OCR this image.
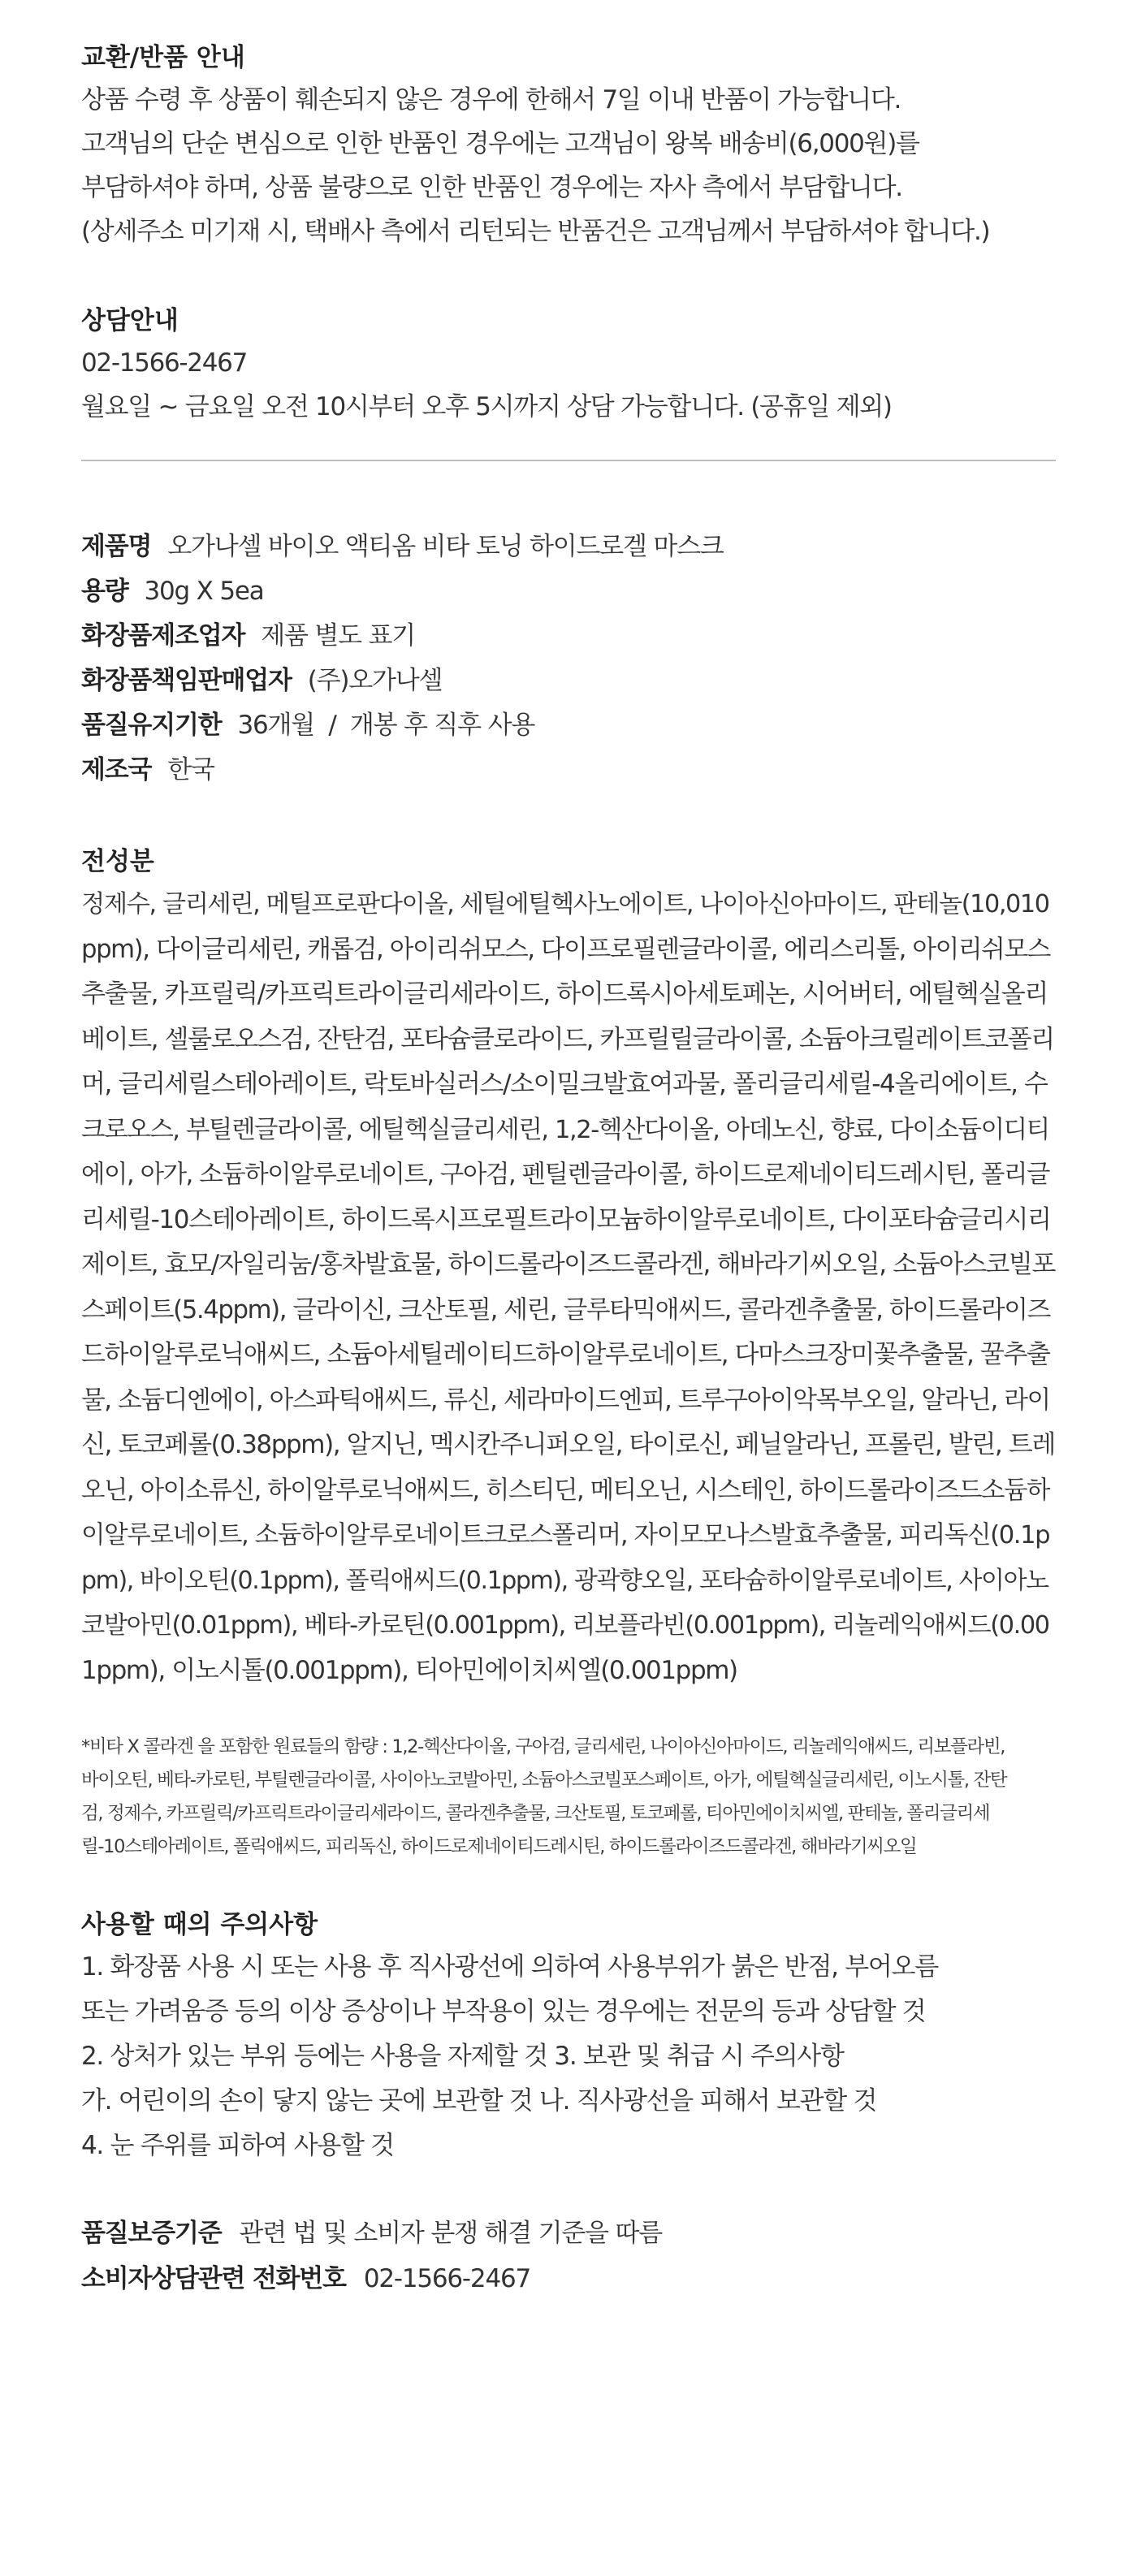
교환/반품 안내
상품 수령 후 상품이 훼손되지 않은 경우에 한해서 7일 이내 반품이 가능합니다.
고객님의 단순 변심으로 인한 반품인 경우에는 고객님이 왕복 배송비(6,000원)를
부담하셔야 하며, 상품 불량으로 인한 반품인 경우에는 자사 측에서 부담합니다.
(상세주소 미기재 시, 택배사 측에서 리턴되는 반품건은 고객님께서 부담하셔야 합니다.)
상담안내
02-1566-2467
월요일 ~ 금요일 오전 10시부터 오후 5시까지 상담 가능합니다. (공휴일 제외)
제품명 오가나셀 바이오 액티옴 비타 토닝 하이드로겔 마스크
용량 30g X 5ea
화장품제조업자 제품 별도 표기
화장품책임판매업자 (주)오가나셀
품질유지기한 36개월  /  개봉 후 직후 사용
제조국 한국
전성분
정제수, 글리세린, 메틸프로판다이올, 세틸에틸헥사노에이트, 나이아신아마이드, 판테놀(10,010
ppm), 다이글리세린, 캐롭검, 아이리쉬모스, 다이프로필렌글라이콜, 에리스리톨, 아이리쉬모스
추출물, 카프릴릭/카프릭트라이글리세라이드, 하이드록시아세토페논, 시어버터, 에틸헥실올리
베이트, 셀룰로오스검, 잔탄검, 포타슘클로라이드, 카프릴릴글라이콜, 소듐아크릴레이트코폴리
머, 글리세릴스테아레이트, 락토바실러스/소이밀크발효여과물, 폴리글리세릴-4올리에이트, 수
크로오스, 부틸렌글라이콜, 에틸헥실글리세린, 1,2-헥산다이올, 아데노신, 향료, 다이소듐이디티
에이, 아가, 소듐하이알루로네이트, 구아검, 펜틸렌글라이콜, 하이드로제네이티드레시틴, 폴리글
리세릴-10스테아레이트, 하이드록시프로필트라이모늄하이알루로네이트, 다이포타슘글리시리
제이트, 효모/자일리눔/홍차발효물, 하이드롤라이즈드콜라겐, 해바라기씨오일, 소듐아스코빌포
스페이트(5.4ppm), 글라이신, 크산토필, 세린, 글루타믹애씨드, 콜라겐추출물, 하이드롤라이즈
드하이알루로닉애씨드, 소듐아세틸레이티드하이알루로네이트, 다마스크장미꽃추출물, 꿀추출
물, 소듐디엔에이, 아스파틱애씨드, 류신, 세라마이드엔피, 트루구아이악목부오일, 알라닌, 라이
신, 토코페롤(0.38ppm), 알지닌, 멕시칸주니퍼오일, 타이로신, 페닐알라닌, 프롤린, 발린, 트레
오닌, 아이소류신, 하이알루로닉애씨드, 히스티딘, 메티오닌, 시스테인, 하이드롤라이즈드소듐하
이알루로네이트, 소듐하이알루로네이트크로스폴리머, 자이모모나스발효추출물, 피리독신(0.1p
pm), 바이오틴(0.1ppm), 폴릭애씨드(0.1ppm), 광곽향오일, 포타슘하이알루로네이트, 사이아노
코발아민(0.01ppm), 베타-카로틴(0.001ppm), 리보플라빈(0.001ppm), 리놀레익애씨드(0.00
1ppm), 이노시톨(0.001ppm), 티아민에이치씨엘(0.001ppm)
*비타 X 콜라겐 을 포함한 원료들의 함량 : 1,2-헥산다이올, 구아검, 글리세린, 나이아신아마이드, 리놀레익애씨드, 리보플라빈,
바이오틴, 베타-카로틴, 부틸렌글라이콜, 사이아노코발아민, 소듐아스코빌포스페이트, 아가, 에틸헥실글리세린, 이노시톨, 잔탄
검, 정제수, 카프릴릭/카프릭트라이글리세라이드, 콜라겐추출물, 크산토필, 토코페롤, 티아민에이치씨엘, 판테놀, 폴리글리세
릴-10스테아레이트, 폴릭애씨드, 피리독신, 하이드로제네이티드레시틴, 하이드롤라이즈드콜라겐, 해바라기씨오일
사용할 때의 주의사항
1. 화장품 사용 시 또는 사용 후 직사광선에 의하여 사용부위가 붉은 반점, 부어오름
또는 가려움증 등의 이상 증상이나 부작용이 있는 경우에는 전문의 등과 상담할 것
2. 상처가 있는 부위 등에는 사용을 자제할 것 3. 보관 및 취급 시 주의사항
가. 어린이의 손이 닿지 않는 곳에 보관할 것 나. 직사광선을 피해서 보관할 것
4. 눈 주위를 피하여 사용할 것
품질보증기준 관련 법 및 소비자 분쟁 해결 기준을 따름
소비자상담관련 전화번호 02-1566-2467
